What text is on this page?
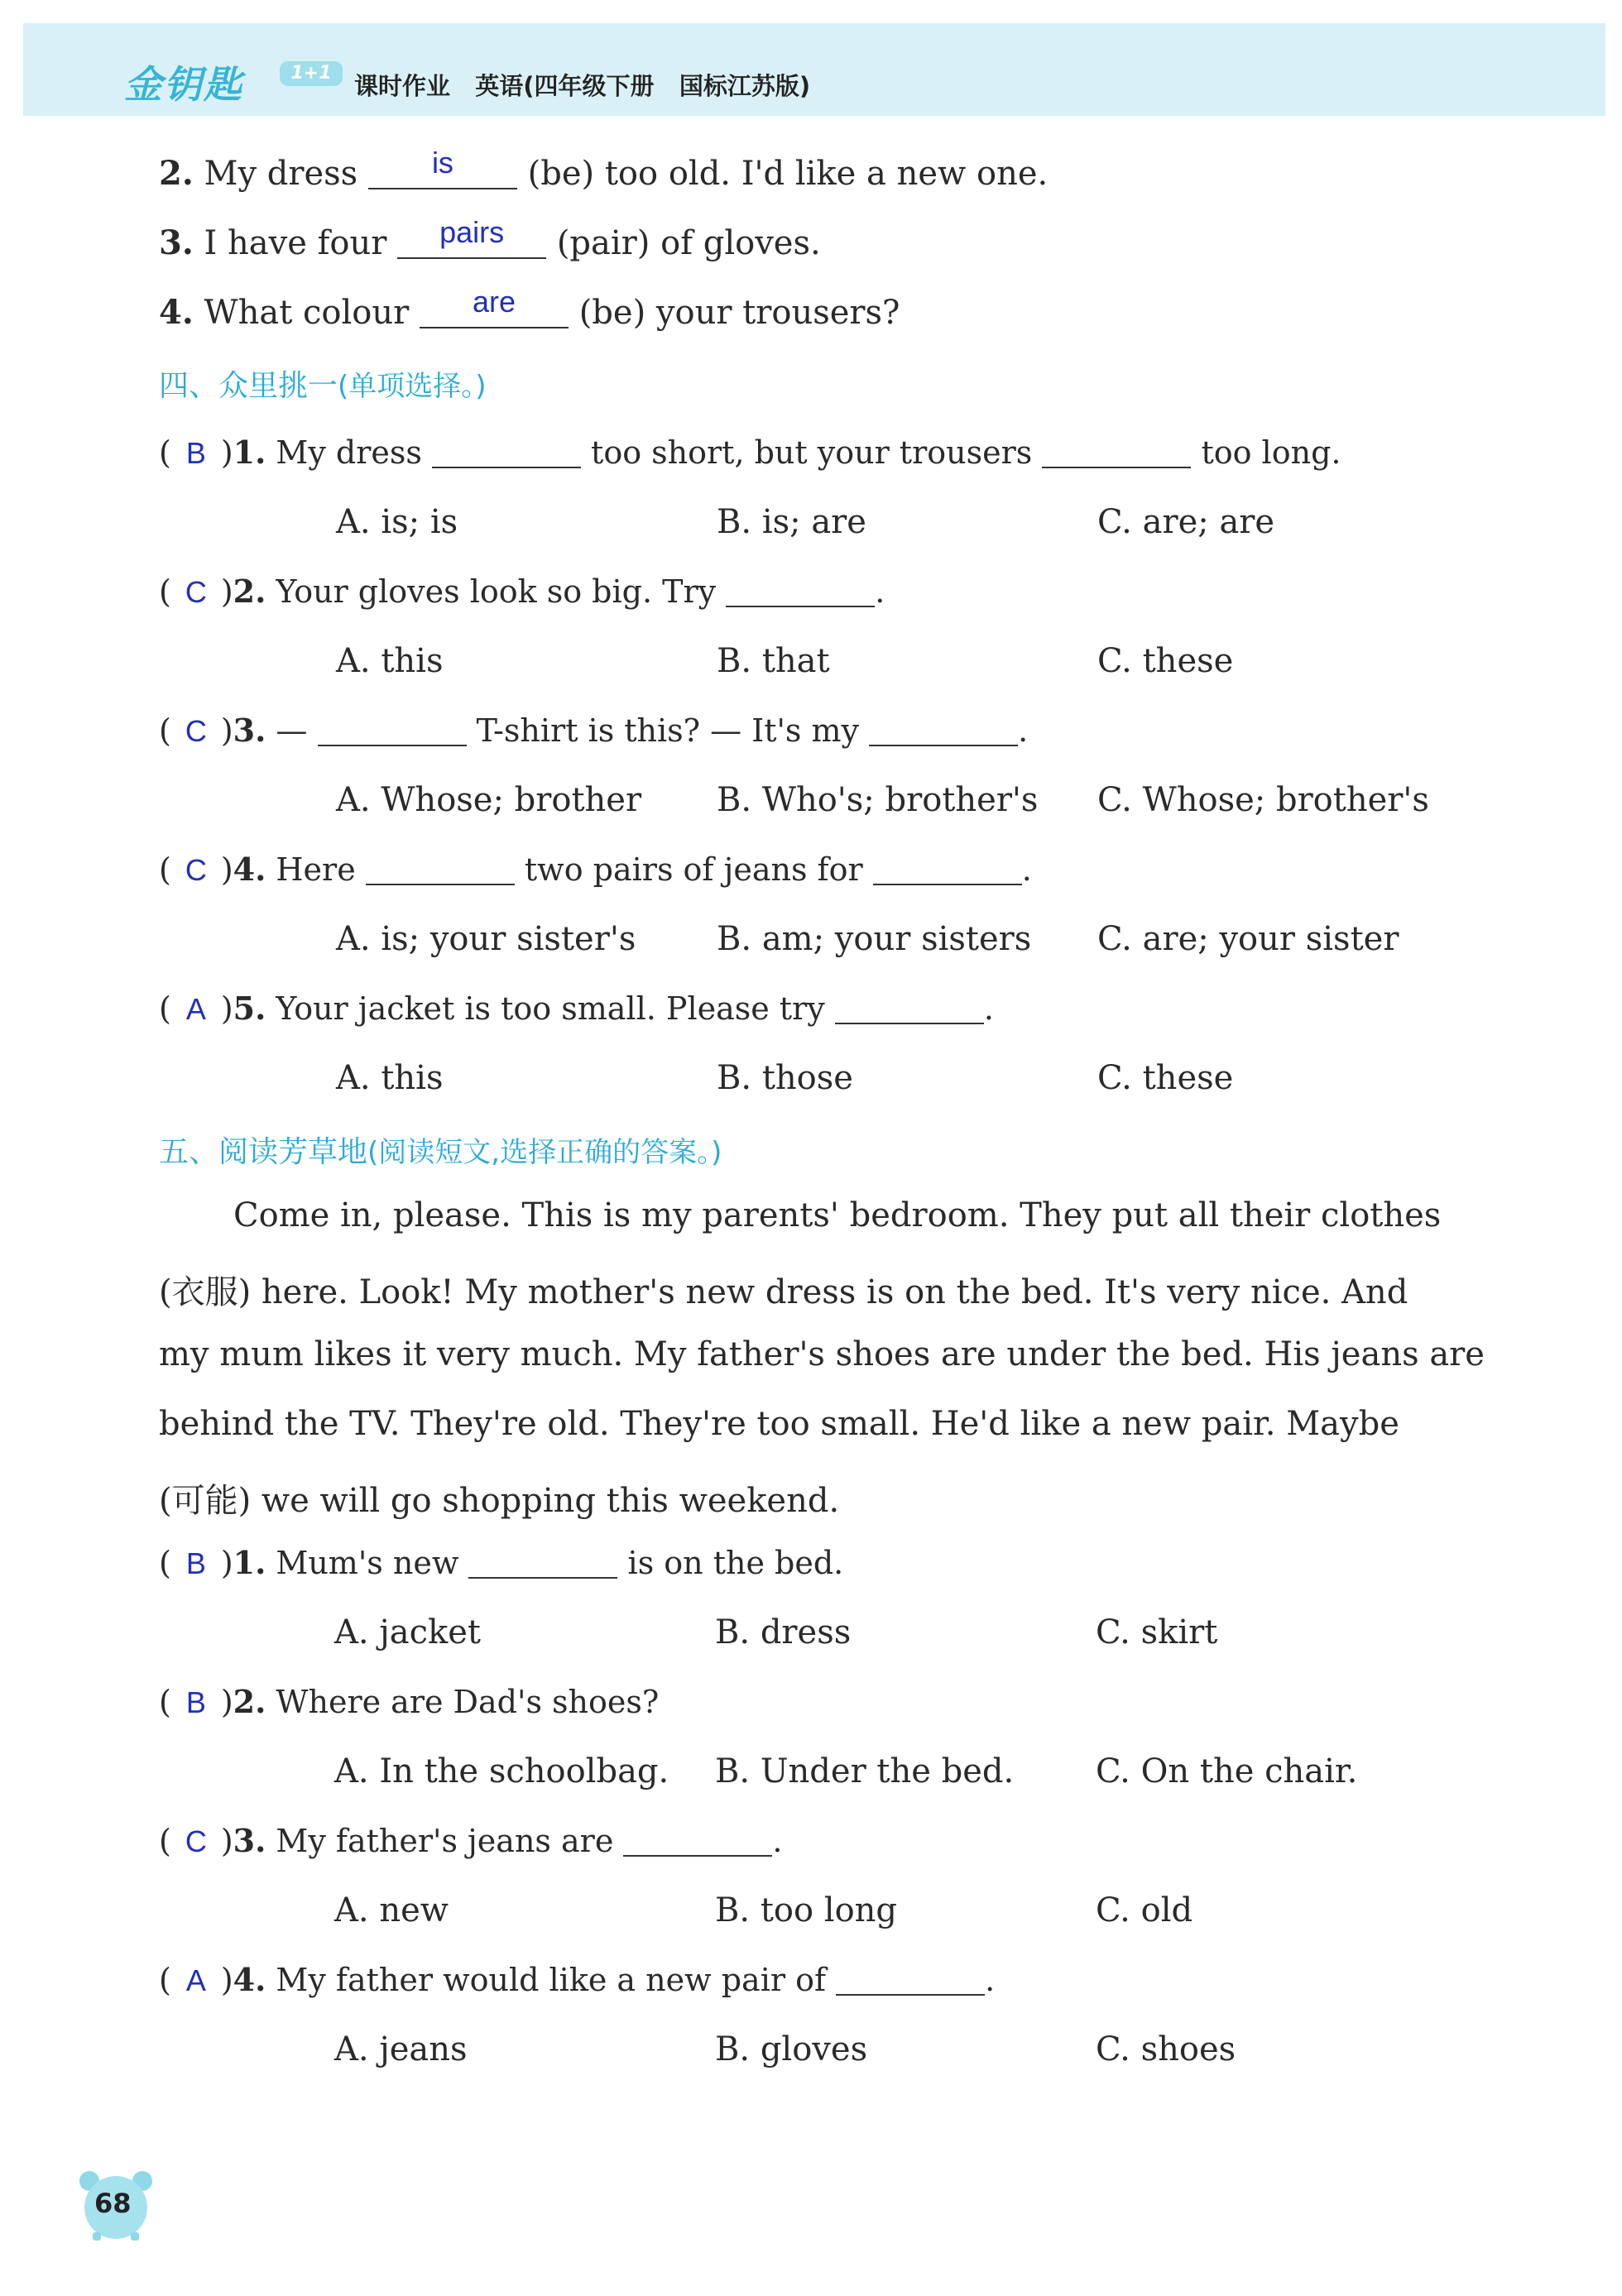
金钥匙	1+1 课时作业   英语(四年级下册   国标江苏版)
2. My dress	is	(be) too old. I'd like a new one.
3. I have four	pairs	(pair) of gloves.
4. What colour	are	(be) your trousers?
四、众里挑一(单项选择。)
( B )1. My dress	too short, but your trousers	too long.
A. is; is	B. is; are	C. are; are
( C )2. Your gloves look so big. Try	.
A. this	B. that	C. these
( C )3. —	T-shirt is this? — It's my	.
A. Whose; brother B. Who's; brother's C. Whose; brother's
( C )4. Here	two pairs of jeans for	.
A. is; your sister's B. am; your sisters C. are; your sister
( A )5. Your jacket is too small. Please try	.
A. this	B. those	C. these
五、阅读芳草地(阅读短文,选择正确的答案。)
Come in, please. This is my parents' bedroom. They put all their clothes
(衣服) here. Look! My mother's new dress is on the bed. It's very nice. And
my mum likes it very much. My father's shoes are under the bed. His jeans are
behind the TV. They're old. They're too small. He'd like a new pair. Maybe
(可能) we will go shopping this weekend.
( B )1. Mum's new	is on the bed.
A. jacket	B. dress	C. skirt
( B )2. Where are Dad's shoes?
A. In the schoolbag. B. Under the bed. C. On the chair.
( C )3. My father's jeans are	.
A. new	B. too long	C. old
( A )4. My father would like a new pair of	.
A. jeans	B. gloves	C. shoes
68
